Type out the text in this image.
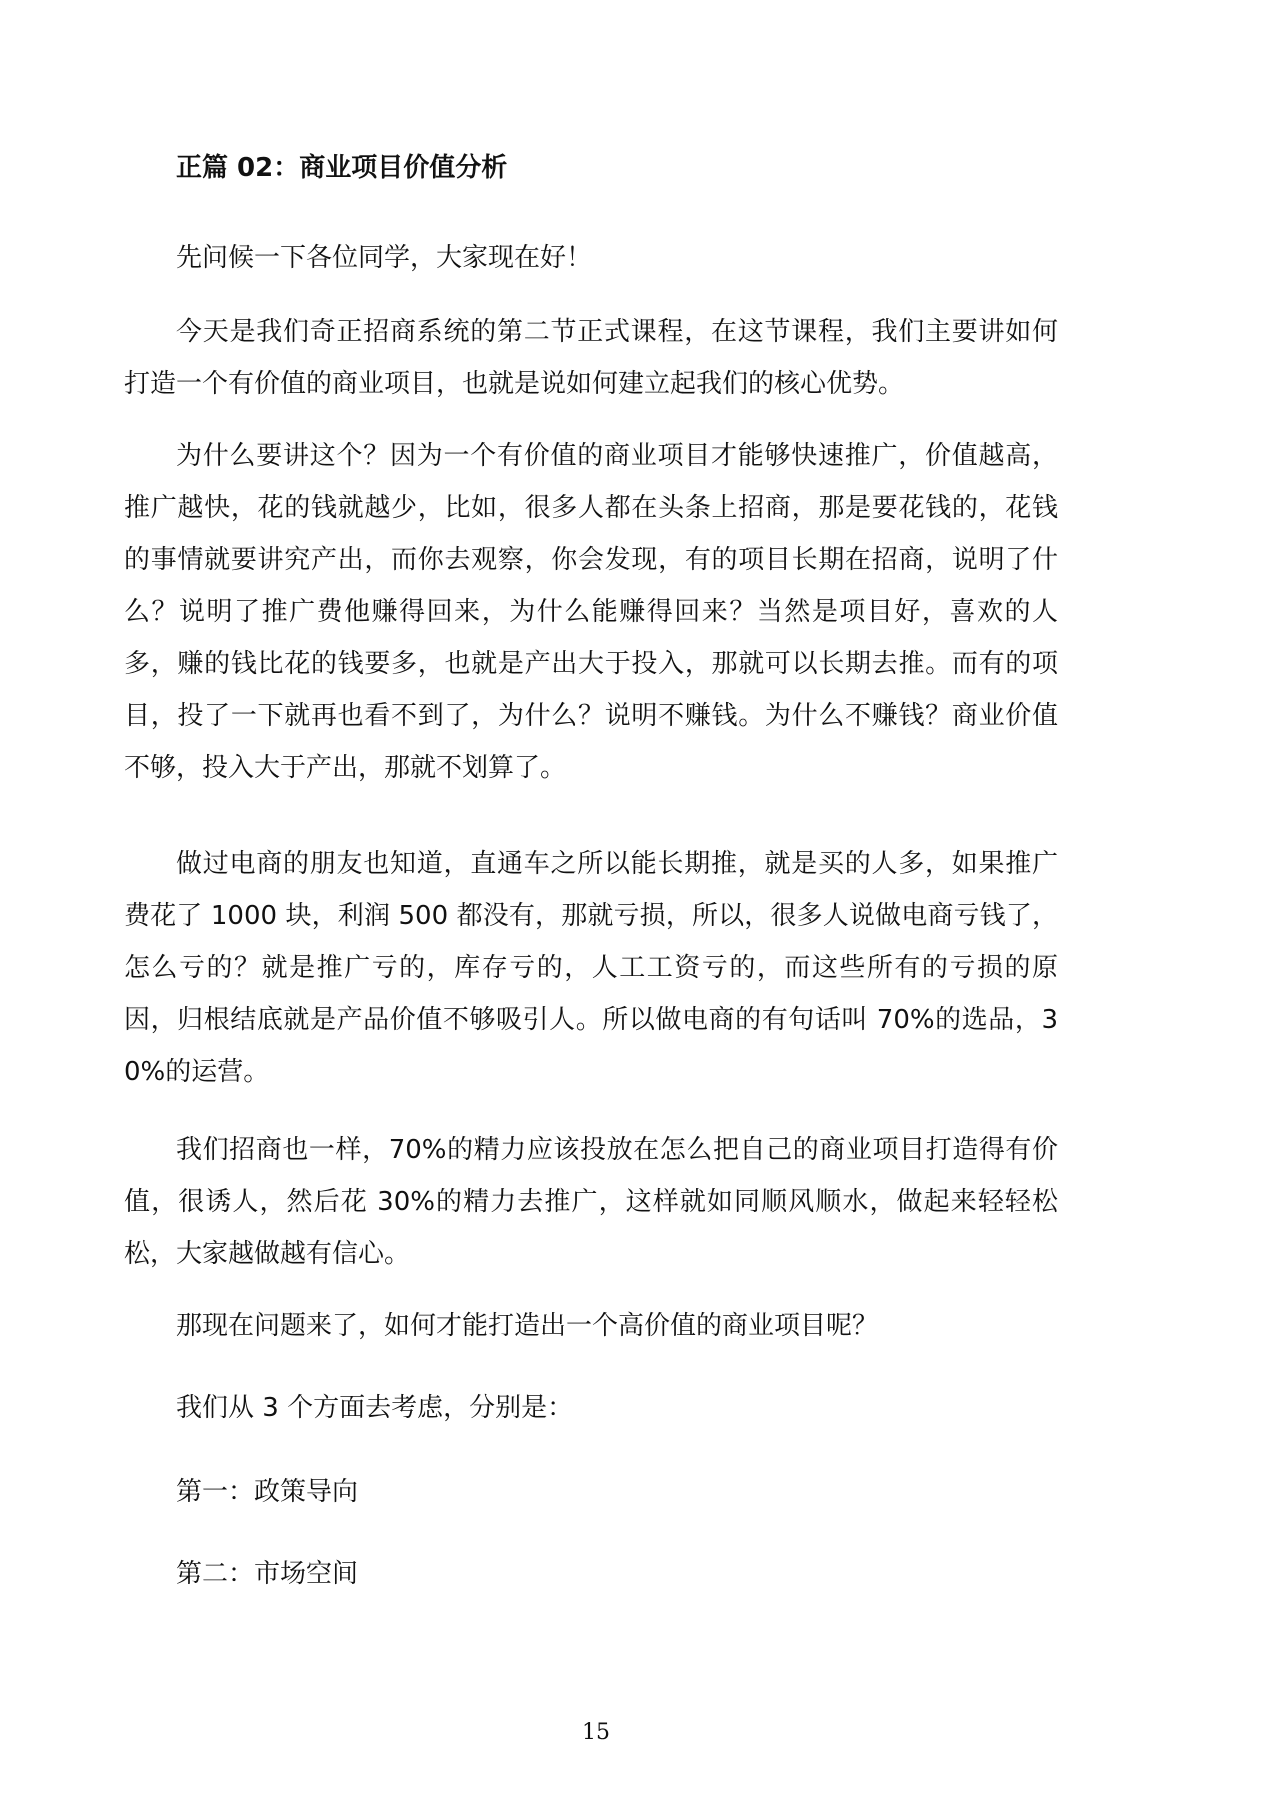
正篇 02：商业项目价值分析

先问候一下各位同学，大家现在好！

今天是我们奇正招商系统的第二节正式课程，在这节课程，我们主要讲如何打造一个有价值的商业项目，也就是说如何建立起我们的核心优势。

为什么要讲这个？因为一个有价值的商业项目才能够快速推广，价值越高，推广越快，花的钱就越少，比如，很多人都在头条上招商，那是要花钱的，花钱的事情就要讲究产出，而你去观察，你会发现，有的项目长期在招商，说明了什么？说明了推广费他赚得回来，为什么能赚得回来？当然是项目好，喜欢的人多，赚的钱比花的钱要多，也就是产出大于投入，那就可以长期去推。而有的项目，投了一下就再也看不到了，为什么？说明不赚钱。为什么不赚钱？商业价值不够，投入大于产出，那就不划算了。

做过电商的朋友也知道，直通车之所以能长期推，就是买的人多，如果推广费花了 1000 块，利润 500 都没有，那就亏损，所以，很多人说做电商亏钱了，怎么亏的？就是推广亏的，库存亏的，人工工资亏的，而这些所有的亏损的原因，归根结底就是产品价值不够吸引人。所以做电商的有句话叫 70%的选品，30%的运营。

我们招商也一样，70%的精力应该投放在怎么把自己的商业项目打造得有价值，很诱人，然后花 30%的精力去推广，这样就如同顺风顺水，做起来轻轻松松，大家越做越有信心。

那现在问题来了，如何才能打造出一个高价值的商业项目呢？

我们从 3 个方面去考虑，分别是：

第一：政策导向

第二：市场空间

15
